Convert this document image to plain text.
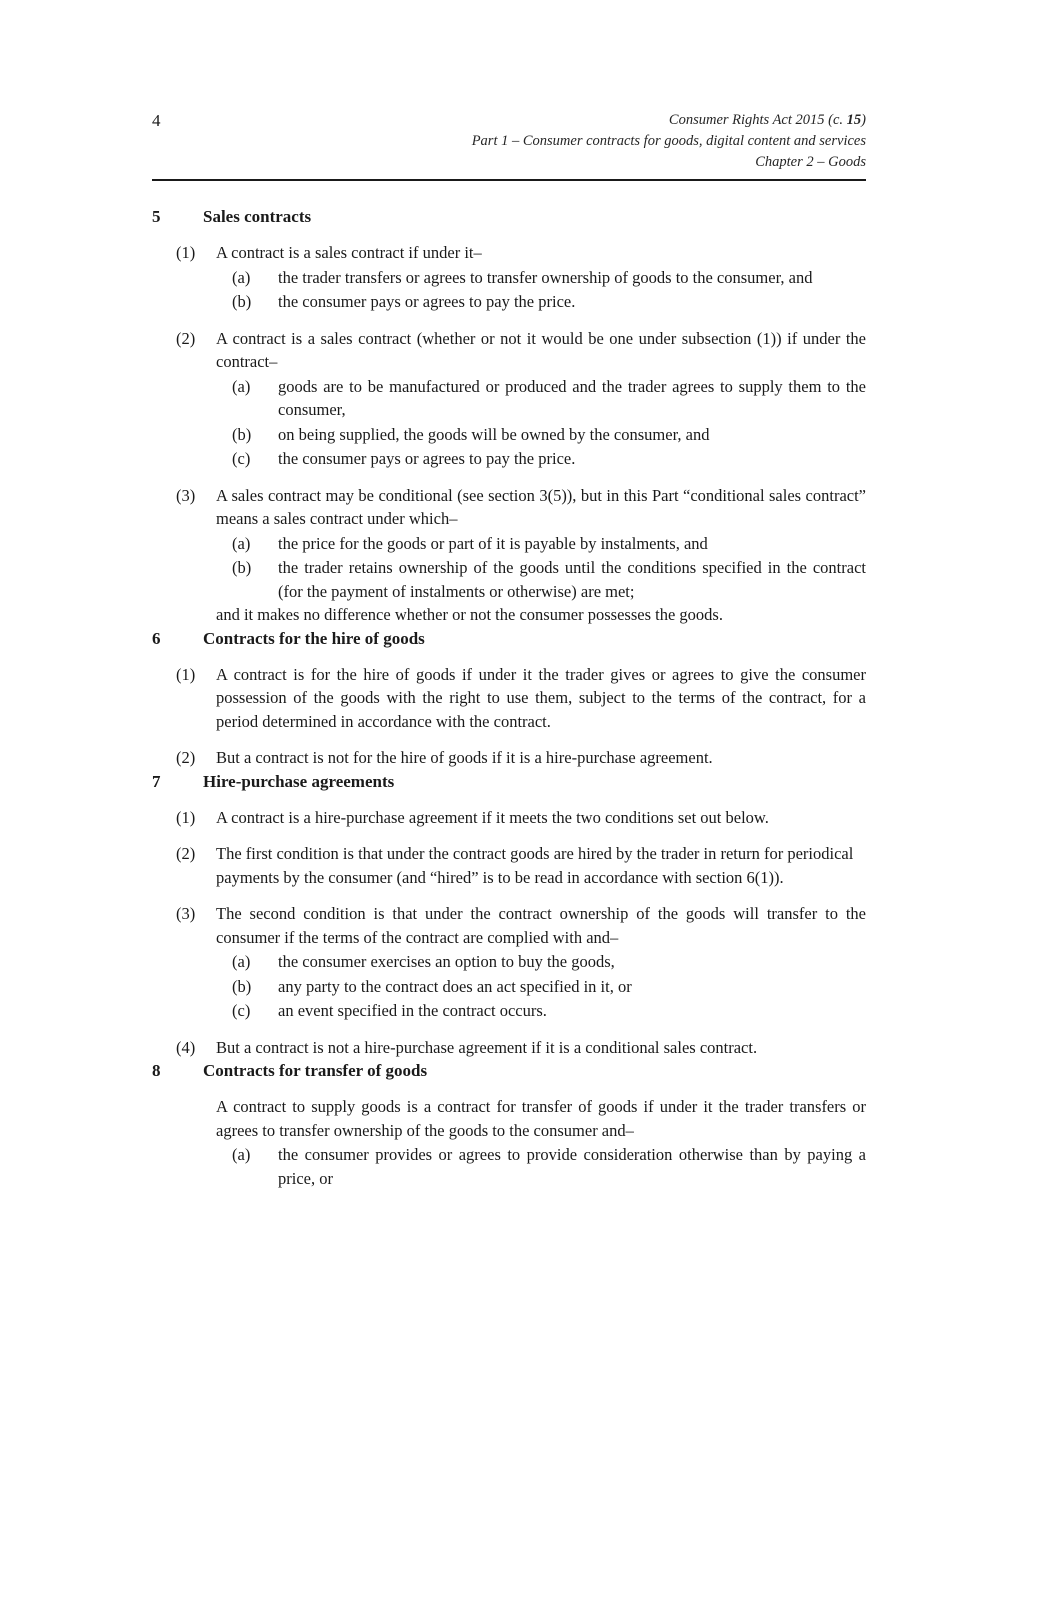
4	Consumer Rights Act 2015 (c. 15)
Part 1 – Consumer contracts for goods, digital content and services
Chapter 2 – Goods
5	Sales contracts
(1)	A contract is a sales contract if under it–
(a)	the trader transfers or agrees to transfer ownership of goods to the consumer, and
(b)	the consumer pays or agrees to pay the price.
(2)	A contract is a sales contract (whether or not it would be one under subsection (1)) if under the contract–
(a)	goods are to be manufactured or produced and the trader agrees to supply them to the consumer,
(b)	on being supplied, the goods will be owned by the consumer, and
(c)	the consumer pays or agrees to pay the price.
(3)	A sales contract may be conditional (see section 3(5)), but in this Part “conditional sales contract” means a sales contract under which–
(a)	the price for the goods or part of it is payable by instalments, and
(b)	the trader retains ownership of the goods until the conditions specified in the contract (for the payment of instalments or otherwise) are met;
and it makes no difference whether or not the consumer possesses the goods.
6	Contracts for the hire of goods
(1)	A contract is for the hire of goods if under it the trader gives or agrees to give the consumer possession of the goods with the right to use them, subject to the terms of the contract, for a period determined in accordance with the contract.
(2)	But a contract is not for the hire of goods if it is a hire-purchase agreement.
7	Hire-purchase agreements
(1)	A contract is a hire-purchase agreement if it meets the two conditions set out below.
(2)	The first condition is that under the contract goods are hired by the trader in return for periodical payments by the consumer (and “hired” is to be read in accordance with section 6(1)).
(3)	The second condition is that under the contract ownership of the goods will transfer to the consumer if the terms of the contract are complied with and–
(a)	the consumer exercises an option to buy the goods,
(b)	any party to the contract does an act specified in it, or
(c)	an event specified in the contract occurs.
(4)	But a contract is not a hire-purchase agreement if it is a conditional sales contract.
8	Contracts for transfer of goods
A contract to supply goods is a contract for transfer of goods if under it the trader transfers or agrees to transfer ownership of the goods to the consumer and–
(a)	the consumer provides or agrees to provide consideration otherwise than by paying a price, or
